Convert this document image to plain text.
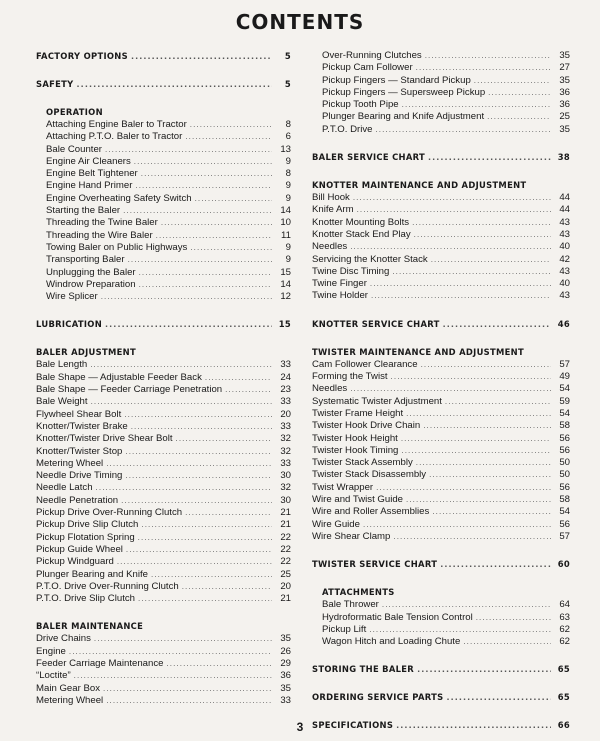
CONTENTS
FACTORY OPTIONS .....	5
SAFETY .....	5
OPERATION
Attaching Engine Baler to Tractor .....	8
Attaching P.T.O. Baler to Tractor .....	6
Bale Counter .....	13
Engine Air Cleaners .....	9
Engine Belt Tightener .....	8
Engine Hand Primer .....	9
Engine Overheating Safety Switch .....	9
Starting the Baler .....	14
Threading the Twine Baler .....	10
Threading the Wire Baler .....	11
Towing Baler on Public Highways .....	9
Transporting Baler .....	9
Unplugging the Baler .....	15
Windrow Preparation .....	14
Wire Splicer .....	12
LUBRICATION .....	15
BALER ADJUSTMENT
Bale Length .....	33
Bale Shape — Adjustable Feeder Back .....	24
Bale Shape — Feeder Carriage Penetration .....	23
Bale Weight .....	33
Flywheel Shear Bolt .....	20
Knotter/Twister Brake .....	33
Knotter/Twister Drive Shear Bolt .....	32
Knotter/Twister Stop .....	32
Metering Wheel .....	33
Needle Drive Timing .....	30
Needle Latch .....	32
Needle Penetration .....	30
Pickup Drive Over-Running Clutch .....	21
Pickup Drive Slip Clutch .....	21
Pickup Flotation Spring .....	22
Pickup Guide Wheel .....	22
Pickup Windguard .....	22
Plunger Bearing and Knife .....	25
P.T.O. Drive Over-Running Clutch .....	20
P.T.O. Drive Slip Clutch .....	21
BALER MAINTENANCE
Drive Chains .....	35
Engine .....	26
Feeder Carriage Maintenance .....	29
“Loctite” .....	36
Main Gear Box .....	35
Metering Wheel .....	33
Over-Running Clutches .....	35
Pickup Cam Follower .....	27
Pickup Fingers — Standard Pickup .....	35
Pickup Fingers — Supersweep Pickup .....	36
Pickup Tooth Pipe .....	36
Plunger Bearing and Knife Adjustment .....	25
P.T.O. Drive .....	35
BALER SERVICE CHART .....	38
KNOTTER MAINTENANCE AND ADJUSTMENT
Bill Hook .....	44
Knife Arm .....	44
Knotter Mounting Bolts .....	43
Knotter Stack End Play .....	43
Needles .....	40
Servicing the Knotter Stack .....	42
Twine Disc Timing .....	43
Twine Finger .....	40
Twine Holder .....	43
KNOTTER SERVICE CHART .....	46
TWISTER MAINTENANCE AND ADJUSTMENT
Cam Follower Clearance .....	57
Forming the Twist .....	49
Needles .....	54
Systematic Twister Adjustment .....	59
Twister Frame Height .....	54
Twister Hook Drive Chain .....	58
Twister Hook Height .....	56
Twister Hook Timing .....	56
Twister Stack Assembly .....	50
Twister Stack Disassembly .....	50
Twist Wrapper .....	56
Wire and Twist Guide .....	58
Wire and Roller Assemblies .....	54
Wire Guide .....	56
Wire Shear Clamp .....	57
TWISTER SERVICE CHART .....	60
ATTACHMENTS
Bale Thrower .....	64
Hydroformatic Bale Tension Control .....	63
Pickup Lift .....	62
Wagon Hitch and Loading Chute .....	62
STORING THE BALER .....	65
ORDERING SERVICE PARTS .....	65
SPECIFICATIONS .....	66
3
